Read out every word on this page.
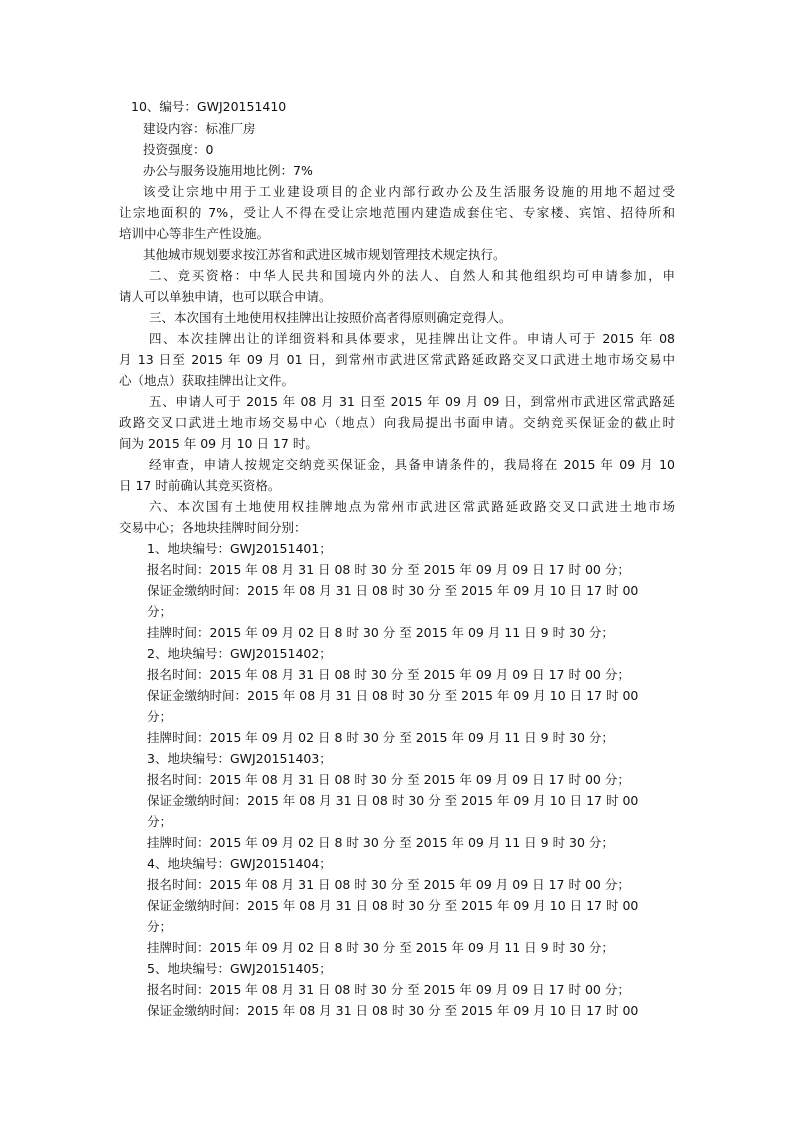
10、编号：GWJ20151410
建设内容：标准厂房
投资强度：0
办公与服务设施用地比例：7%
该受让宗地中用于工业建设项目的企业内部行政办公及生活服务设施的用地不超过受
让宗地面积的 7%，受让人不得在受让宗地范围内建造成套住宅、专家楼、宾馆、招待所和
培训中心等非生产性设施。
其他城市规划要求按江苏省和武进区城市规划管理技术规定执行。
二、竞买资格：中华人民共和国境内外的法人、自然人和其他组织均可申请参加，申
请人可以单独申请，也可以联合申请。
三、本次国有土地使用权挂牌出让按照价高者得原则确定竞得人。
四、本次挂牌出让的详细资料和具体要求，见挂牌出让文件。申请人可于 2015 年 08
月 13 日至 2015 年 09 月 01 日，到常州市武进区常武路延政路交叉口武进土地市场交易中
心（地点）获取挂牌出让文件。
五、申请人可于 2015 年 08 月 31 日至 2015 年 09 月 09 日，到常州市武进区常武路延
政路交叉口武进土地市场交易中心（地点）向我局提出书面申请。交纳竞买保证金的截止时
间为 2015 年 09 月 10 日 17 时。
经审查，申请人按规定交纳竞买保证金，具备申请条件的，我局将在 2015 年 09 月 10
日 17 时前确认其竞买资格。
六、本次国有土地使用权挂牌地点为常州市武进区常武路延政路交叉口武进土地市场
交易中心；各地块挂牌时间分别：
1、地块编号：GWJ20151401；
报名时间：2015 年 08 月 31 日 08 时 30 分 至 2015 年 09 月 09 日 17 时 00 分；
保证金缴纳时间：2015 年 08 月 31 日 08 时 30 分 至 2015 年 09 月 10 日 17 时 00
分；
挂牌时间：2015 年 09 月 02 日 8 时 30 分 至 2015 年 09 月 11 日 9 时 30 分；
2、地块编号：GWJ20151402；
报名时间：2015 年 08 月 31 日 08 时 30 分 至 2015 年 09 月 09 日 17 时 00 分；
保证金缴纳时间：2015 年 08 月 31 日 08 时 30 分 至 2015 年 09 月 10 日 17 时 00
分；
挂牌时间：2015 年 09 月 02 日 8 时 30 分 至 2015 年 09 月 11 日 9 时 30 分；
3、地块编号：GWJ20151403；
报名时间：2015 年 08 月 31 日 08 时 30 分 至 2015 年 09 月 09 日 17 时 00 分；
保证金缴纳时间：2015 年 08 月 31 日 08 时 30 分 至 2015 年 09 月 10 日 17 时 00
分；
挂牌时间：2015 年 09 月 02 日 8 时 30 分 至 2015 年 09 月 11 日 9 时 30 分；
4、地块编号：GWJ20151404；
报名时间：2015 年 08 月 31 日 08 时 30 分 至 2015 年 09 月 09 日 17 时 00 分；
保证金缴纳时间：2015 年 08 月 31 日 08 时 30 分 至 2015 年 09 月 10 日 17 时 00
分；
挂牌时间：2015 年 09 月 02 日 8 时 30 分 至 2015 年 09 月 11 日 9 时 30 分；
5、地块编号：GWJ20151405；
报名时间：2015 年 08 月 31 日 08 时 30 分 至 2015 年 09 月 09 日 17 时 00 分；
保证金缴纳时间：2015 年 08 月 31 日 08 时 30 分 至 2015 年 09 月 10 日 17 时 00
